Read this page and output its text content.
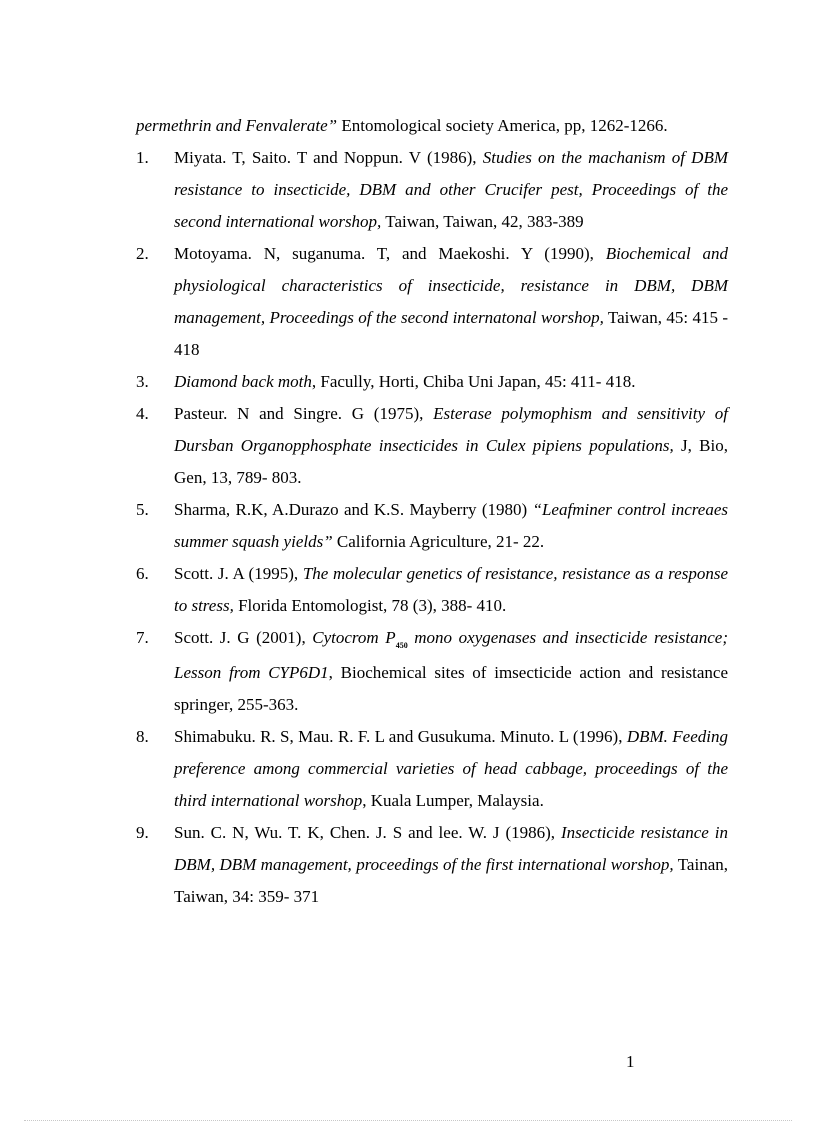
permethrin and Fenvalerate” Entomological society America, pp, 1262-1266.

1. Miyata. T, Saito. T and Noppun. V (1986), Studies on the machanism of DBM resistance to insecticide, DBM and other Crucifer pest, Proceedings of the second international worshop, Taiwan, Taiwan, 42, 383-389
2. Motoyama. N, suganuma. T, and Maekoshi. Y (1990), Biochemical and physiological characteristics of insecticide, resistance in DBM, DBM management, Proceedings of the second internatonal worshop, Taiwan, 45: 415 - 418
3. Diamond back moth, Facully, Horti, Chiba Uni Japan, 45: 411- 418.
4. Pasteur. N and Singre. G (1975), Esterase polymophism and sensitivity of Dursban Organopphosphate insecticides in Culex pipiens populations, J, Bio, Gen, 13, 789- 803.
5. Sharma, R.K, A.Durazo and K.S. Mayberry (1980) “Leafminer control increaes summer squash yields” California Agriculture, 21- 22.
6. Scott. J. A (1995), The molecular genetics of resistance, resistance as a response to stress, Florida Entomologist, 78 (3), 388- 410.
7. Scott. J. G (2001), Cytocrom $P_{450}$ mono oxygenases and insecticide resistance; Lesson from CYP6D1, Biochemical sites of imsecticide action and resistance springer, 255-363.
8. Shimabuku. R. S, Mau. R. F. L and Gusukuma. Minuto. L (1996), DBM. Feeding preference among commercial varieties of head cabbage, proceedings of the third international worshop, Kuala Lumper, Malaysia.
9. Sun. C. N, Wu. T. K, Chen. J. S and lee. W. J (1986), Insecticide resistance in DBM, DBM management, proceedings of the first international worshop, Tainan, Taiwan, 34: 359- 371
1
